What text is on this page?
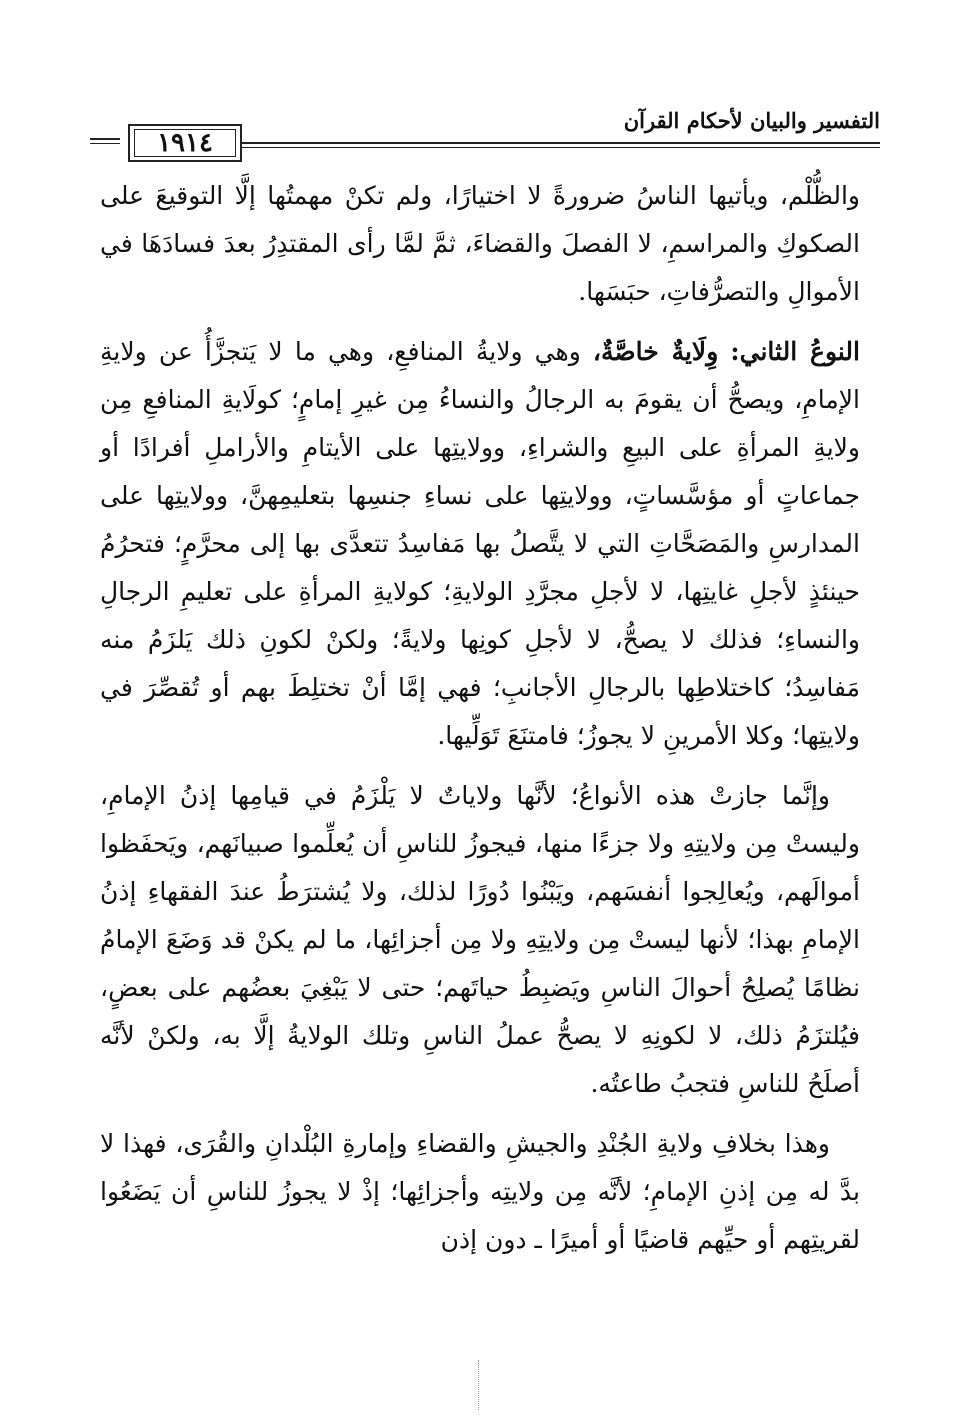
١٩١٤
التفسير والبيان لأحكام القرآن

والظُّلْم، ويأتيها الناسُ ضرورةً لا اختيارًا، ولم تكنْ مهمتُها إلَّا التوقيعَ على الصكوكِ والمراسمِ، لا الفصلَ والقضاءَ، ثمَّ لمَّا رأى المقتدِرُ بعدَ فسادَهَا في الأموالِ والتصرُّفاتِ، حبَسَها.

النوعُ الثاني: وِلَايةٌ خاصَّةٌ، وهي ولايةُ المنافعِ، وهي ما لا يَتجزَّأُ عن ولايةِ الإمامِ، ويصحُّ أن يقومَ به الرجالُ والنساءُ مِن غيرِ إمامٍ؛ كولَايةِ المنافعِ مِن ولايةِ المرأةِ على البيعِ والشراءِ، وولايتِها على الأيتامِ والأراملِ أفرادًا أو جماعاتٍ أو مؤسَّساتٍ، وولايتِها على نساءِ جنسِها بتعليمِهنَّ، وولايتِها على المدارسِ والمَصَحَّاتِ التي لا يتَّصلُ بها مَفاسِدُ تتعدَّى بها إلى محرَّمٍ؛ فتحرُمُ حينئذٍ لأجلِ غايتِها، لا لأجلِ مجرَّدِ الولايةِ؛ كولايةِ المرأةِ على تعليمِ الرجالِ والنساءِ؛ فذلك لا يصحُّ، لا لأجلِ كونِها ولايةً؛ ولكنْ لكونِ ذلك يَلزَمُ منه مَفاسِدُ؛ كاختلاطِها بالرجالِ الأجانبِ؛ فهي إمَّا أنْ تختلِطَ بهم أو تُقصِّرَ في ولايتِها؛ وكلا الأمرينِ لا يجوزُ؛ فامتنَعَ تَوَلِّيها.

وإنَّما جازتْ هذه الأنواعُ؛ لأنَّها ولاياتٌ لا يَلْزَمُ في قيامِها إذنُ الإمامِ، وليستْ مِن ولايتِهِ ولا جزءًا منها، فيجوزُ للناسِ أن يُعلِّموا صبيانَهم، ويَحفَظوا أموالَهم، ويُعالِجوا أنفسَهم، ويَبْنُوا دُورًا لذلك، ولا يُشترَطُ عندَ الفقهاءِ إذنُ الإمامِ بهذا؛ لأنها ليستْ مِن ولايتِهِ ولا مِن أجزائِها، ما لم يكنْ قد وَضَعَ الإمامُ نظامًا يُصلِحُ أحوالَ الناسِ ويَضبِطُ حياتَهم؛ حتى لا يَبْغِيَ بعضُهم على بعضٍ، فيُلتزَمُ ذلك، لا لكونِهِ لا يصحُّ عملُ الناسِ وتلك الولايةُ إلَّا به، ولكنْ لأنَّه أصلَحُ للناسِ فتجبُ طاعتُه.

وهذا بخلافِ ولايةِ الجُنْدِ والجيشِ والقضاءِ وإمارةِ البُلْدانِ والقُرَى، فهذا لا بدَّ له مِن إذنِ الإمامِ؛ لأنَّه مِن ولايتِه وأجزائِها؛ إذْ لا يجوزُ للناسِ أن يَضَعُوا لقريتِهم أو حيِّهم قاضيًا أو أميرًا ـ دون إذن
